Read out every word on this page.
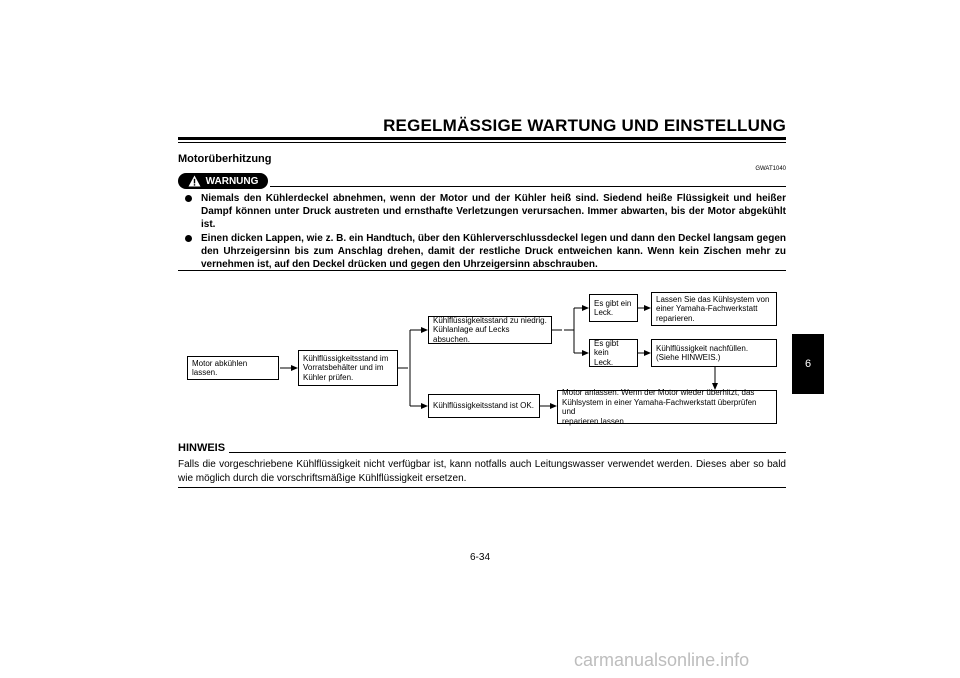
REGELMÄSSIGE WARTUNG UND EINSTELLUNG
Motorüberhitzung
GWAT1040
WARNUNG
Niemals den Kühlerdeckel abnehmen, wenn der Motor und der Kühler heiß sind. Siedend heiße Flüssigkeit und heißer Dampf können unter Druck austreten und ernsthafte Verletzungen verursachen. Immer abwarten, bis der Motor abgekühlt ist.
Einen dicken Lappen, wie z. B. ein Handtuch, über den Kühlerverschlussdeckel legen und dann den Deckel langsam gegen den Uhrzeigersinn bis zum Anschlag drehen, damit der restliche Druck entweichen kann. Wenn kein Zischen mehr zu vernehmen ist, auf den Deckel drücken und gegen den Uhrzeigersinn abschrauben.
Motor abkühlen lassen.
Kühlflüssigkeitsstand im
Vorratsbehälter und im
Kühler prüfen.
Kühlflüssigkeitsstand zu niedrig.
Kühlanlage auf Lecks absuchen.
Kühlflüssigkeitsstand ist OK.
Es gibt ein
Leck.
Es gibt kein
Leck.
Lassen Sie das Kühlsystem von
einer Yamaha-Fachwerkstatt
reparieren.
Kühlflüssigkeit nachfüllen.
(Siehe HINWEIS.)
Motor anlassen. Wenn der Motor wieder überhitzt, das
Kühlsystem in einer Yamaha-Fachwerkstatt überprüfen und
reparieren lassen.
6
HINWEIS
Falls die vorgeschriebene Kühlflüssigkeit nicht verfügbar ist, kann notfalls auch Leitungswasser verwendet werden. Dieses aber so bald wie möglich durch die vorschriftsmäßige Kühlflüssigkeit ersetzen.
6-34
carmanualsonline.info
